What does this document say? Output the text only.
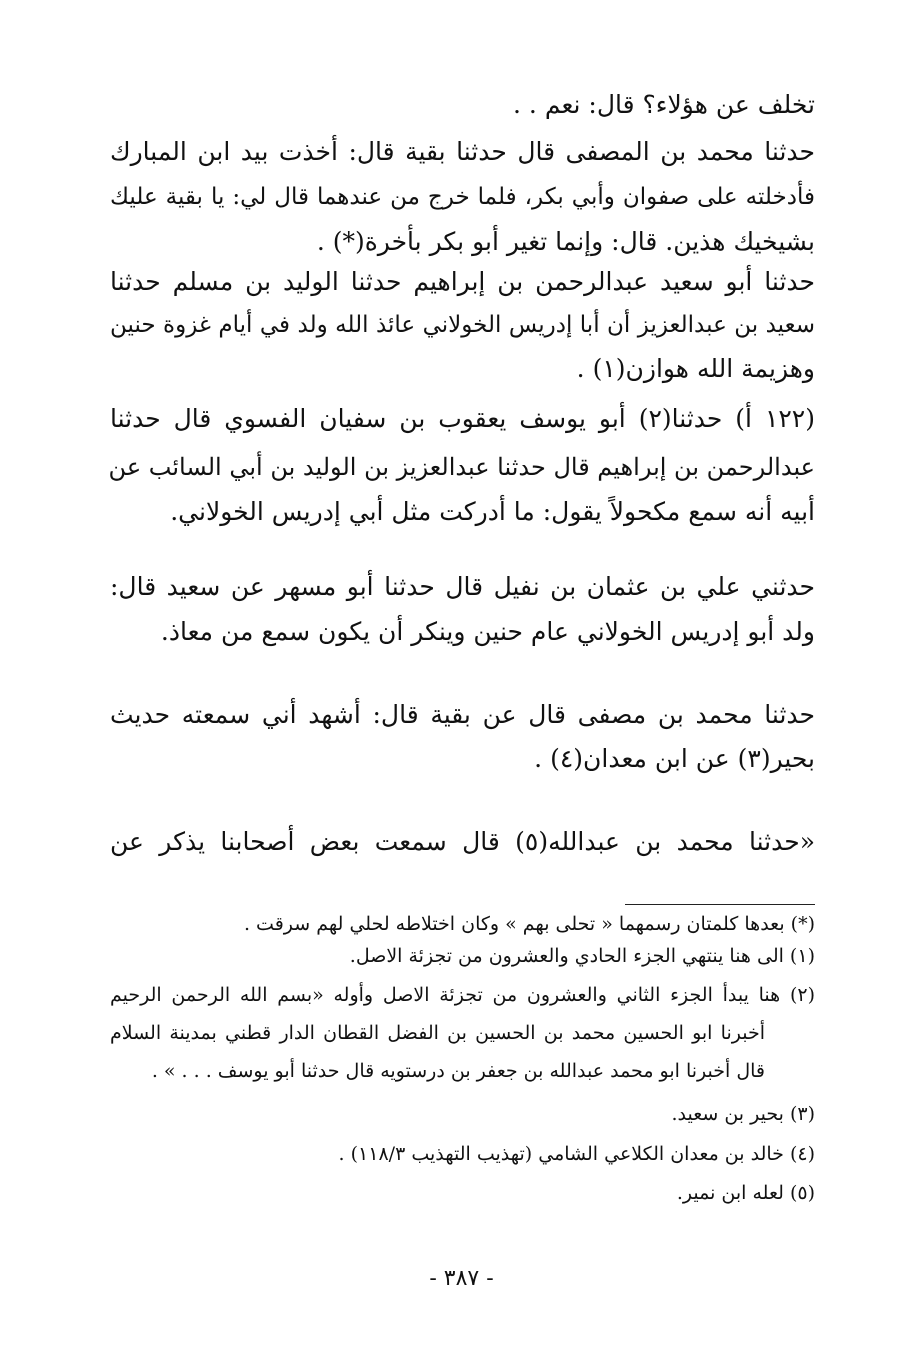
تخلف عن هؤلاء؟ قال: نعم . .
حدثنا محمد بن المصفى قال حدثنا بقية قال: أخذت بيد ابن المبارك
فأدخلته على صفوان وأبي بكر، فلما خرج من عندهما قال لي: يا بقية عليك
بشيخيك هذين. قال: وإنما تغير أبو بكر بأخرة(*) .
حدثنا أبو سعيد عبدالرحمن بن إبراهيم حدثنا الوليد بن مسلم حدثنا
سعيد بن عبدالعزيز أن أبا إدريس الخولاني عائذ الله ولد في أيام غزوة حنين
وهزيمة الله هوازن(١) .
(١٢٢ أ) حدثنا(٢) أبو يوسف يعقوب بن سفيان الفسوي قال حدثنا
عبدالرحمن بن إبراهيم قال حدثنا عبدالعزيز بن الوليد بن أبي السائب عن
أبيه أنه سمع مكحولاً يقول: ما أدركت مثل أبي إدريس الخولاني.
حدثني علي بن عثمان بن نفيل قال حدثنا أبو مسهر عن سعيد قال:
ولد أبو إدريس الخولاني عام حنين وينكر أن يكون سمع من معاذ.
حدثنا محمد بن مصفى قال عن بقية قال: أشهد أني سمعته حديث
بحير(٣) عن ابن معدان(٤) .
«حدثنا محمد بن عبدالله(٥) قال سمعت بعض أصحابنا يذكر عن
(*) بعدها كلمتان رسمهما « تحلى بهم » وكان اختلاطه لحلي لهم سرقت .
(١) الى هنا ينتهي الجزء الحادي والعشرون من تجزئة الاصل.
(٢) هنا يبدأ الجزء الثاني والعشرون من تجزئة الاصل وأوله «بسم الله الرحمن الرحيم
أخبرنا ابو الحسين محمد بن الحسين بن الفضل القطان الدار قطني بمدينة السلام
قال أخبرنا ابو محمد عبدالله بن جعفر بن درستويه قال حدثنا أبو يوسف . . . » .
(٣) بحير بن سعيد.
(٤) خالد بن معدان الكلاعي الشامي (تهذيب التهذيب ١١٨/٣) .
(٥) لعله ابن نمير.
- ٣٨٧ -
